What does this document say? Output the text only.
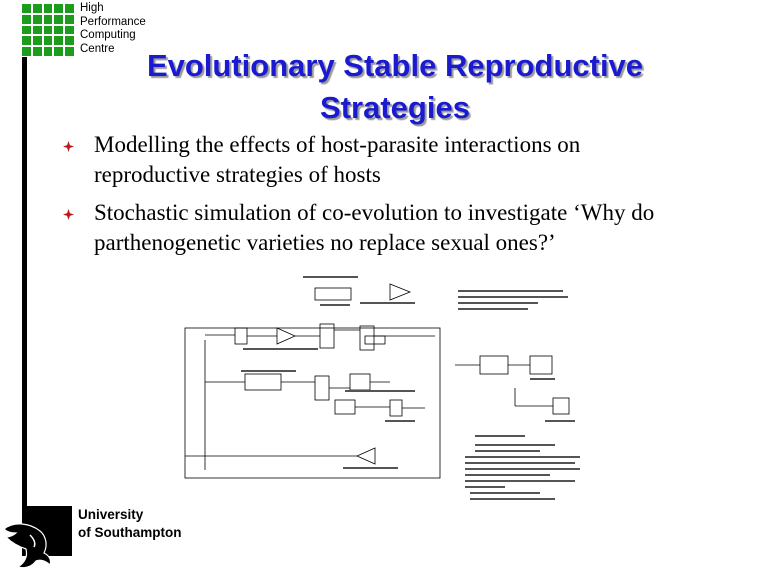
High
Performance
Computing
Centre	Evolutionary Stable Reproductive
Strategies
Modelling the effects of host-parasite interactions on
reproductive strategies of hosts
Stochastic simulation of co-evolution to investigate ‘Why do
parthenogenetic varieties no replace sexual ones?’
University
of Southampton
